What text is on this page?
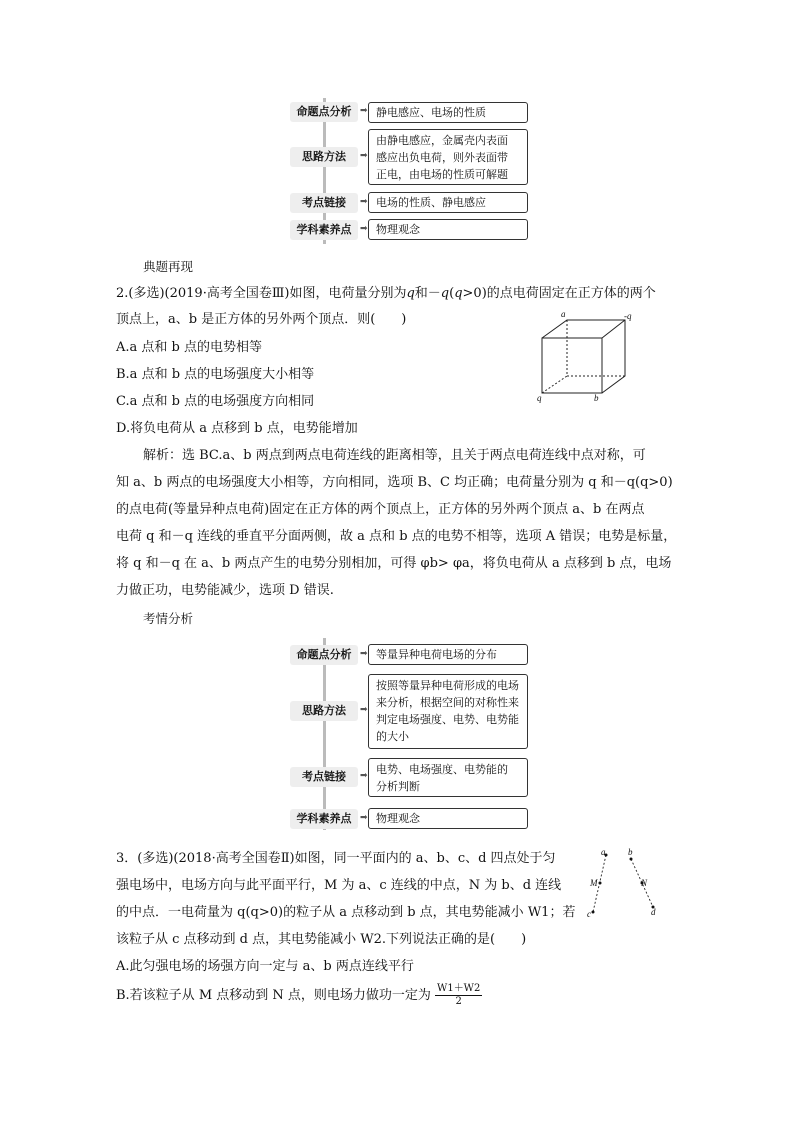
命题点分析 ➡ 静电感应、电场的性质
思路方法	➡
由静电感应，金属壳内表面
感应出负电荷，则外表面带
正电，由电场的性质可解题
考点链接	➡ 电场的性质、静电感应
学科素养点 ➡ 物理观念
典题再现
2.(多选)(2019·高考全国卷Ⅲ)如图，电荷量分别为q和－q(q>0)的点电荷固定在正方体的两个
顶点上，a、b 是正方体的另外两个顶点．则(　　)
A.a 点和 b 点的电势相等
B.a 点和 b 点的电场强度大小相等
C.a 点和 b 点的电场强度方向相同
D.将负电荷从 a 点移到 b 点，电势能增加
a	-q
q	b
解析：选 BC.a、b 两点到两点电荷连线的距离相等，且关于两点电荷连线中点对称，可
知 a、b 两点的电场强度大小相等，方向相同，选项 B、C 均正确；电荷量分别为 q 和－q(q>0)
的点电荷(等量异种点电荷)固定在正方体的两个顶点上，正方体的另外两个顶点 a、b 在两点
电荷 q 和－q 连线的垂直平分面两侧，故 a 点和 b 点的电势不相等，选项 A 错误；电势是标量，
将 q 和－q 在 a、b 两点产生的电势分别相加，可得 φb> φa，将负电荷从 a 点移到 b 点，电场
力做正功，电势能减少，选项 D 错误.
考情分析
命题点分析 ➡ 等量异种电荷电场的分布
思路方法	➡
按照等量异种电荷形成的电场
来分析，根据空间的对称性来
判定电场强度、电势、电势能
的大小
考点链接	➡ 电势、电场强度、电势能的
分析判断
学科素养点 ➡ 物理观念
3．(多选)(2018·高考全国卷Ⅱ)如图，同一平面内的 a、b、c、d 四点处于匀
强电场中，电场方向与此平面平行，M 为 a、c 连线的中点，N 为 b、d 连线
的中点．一电荷量为 q(q>0)的粒子从 a 点移动到 b 点，其电势能减小 W1；若
该粒子从 c 点移动到 d 点，其电势能减小 W2.下列说法正确的是(　　)
A.此匀强电场的场强方向一定与 a、b 两点连线平行
B.若该粒子从 M 点移动到 N 点，则电场力做功一定为 $\frac{W1+W2}{2}$
a	b
M	N
c	d
